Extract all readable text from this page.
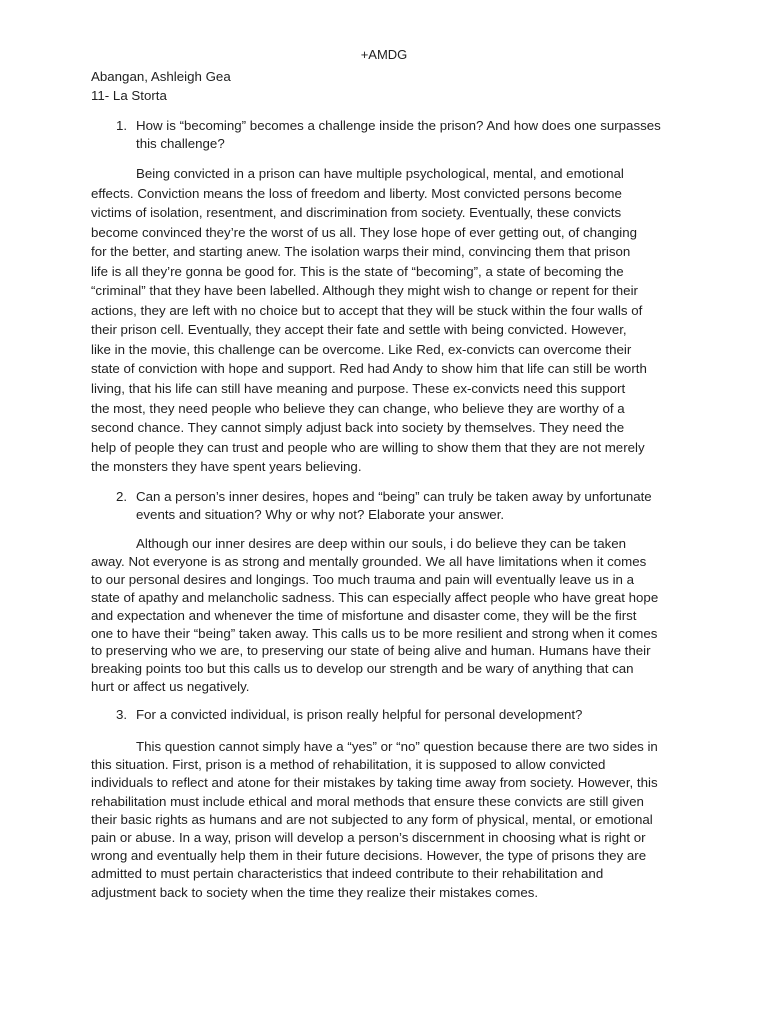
+AMDG
Abangan, Ashleigh Gea
11- La Storta
1. How is “becoming” becomes a challenge inside the prison? And how does one surpasses this challenge?

Being convicted in a prison can have multiple psychological, mental, and emotional effects. Conviction means the loss of freedom and liberty. Most convicted persons become victims of isolation, resentment, and discrimination from society. Eventually, these convicts become convinced they’re the worst of us all. They lose hope of ever getting out, of changing for the better, and starting anew. The isolation warps their mind, convincing them that prison life is all they’re gonna be good for. This is the state of “becoming”, a state of becoming the “criminal” that they have been labelled. Although they might wish to change or repent for their actions, they are left with no choice but to accept that they will be stuck within the four walls of their prison cell. Eventually, they accept their fate and settle with being convicted. However, like in the movie, this challenge can be overcome. Like Red, ex-convicts can overcome their state of conviction with hope and support. Red had Andy to show him that life can still be worth living, that his life can still have meaning and purpose. These ex-convicts need this support the most, they need people who believe they can change, who believe they are worthy of a second chance. They cannot simply adjust back into society by themselves. They need the help of people they can trust and people who are willing to show them that they are not merely the monsters they have spent years believing.

2. Can a person’s inner desires, hopes and “being” can truly be taken away by unfortunate events and situation? Why or why not? Elaborate your answer.

Although our inner desires are deep within our souls, i do believe they can be taken away. Not everyone is as strong and mentally grounded. We all have limitations when it comes to our personal desires and longings. Too much trauma and pain will eventually leave us in a state of apathy and melancholic sadness. This can especially affect people who have great hope and expectation and whenever the time of misfortune and disaster come, they will be the first one to have their “being” taken away. This calls us to be more resilient and strong when it comes to preserving who we are, to preserving our state of being alive and human. Humans have their breaking points too but this calls us to develop our strength and be wary of anything that can hurt or affect us negatively.

3. For a convicted individual, is prison really helpful for personal development?

This question cannot simply have a “yes” or “no” question because there are two sides in this situation. First, prison is a method of rehabilitation, it is supposed to allow convicted individuals to reflect and atone for their mistakes by taking time away from society. However, this rehabilitation must include ethical and moral methods that ensure these convicts are still given their basic rights as humans and are not subjected to any form of physical, mental, or emotional pain or abuse. In a way, prison will develop a person’s discernment in choosing what is right or wrong and eventually help them in their future decisions. However, the type of prisons they are admitted to must pertain characteristics that indeed contribute to their rehabilitation and adjustment back to society when the time they realize their mistakes comes.
